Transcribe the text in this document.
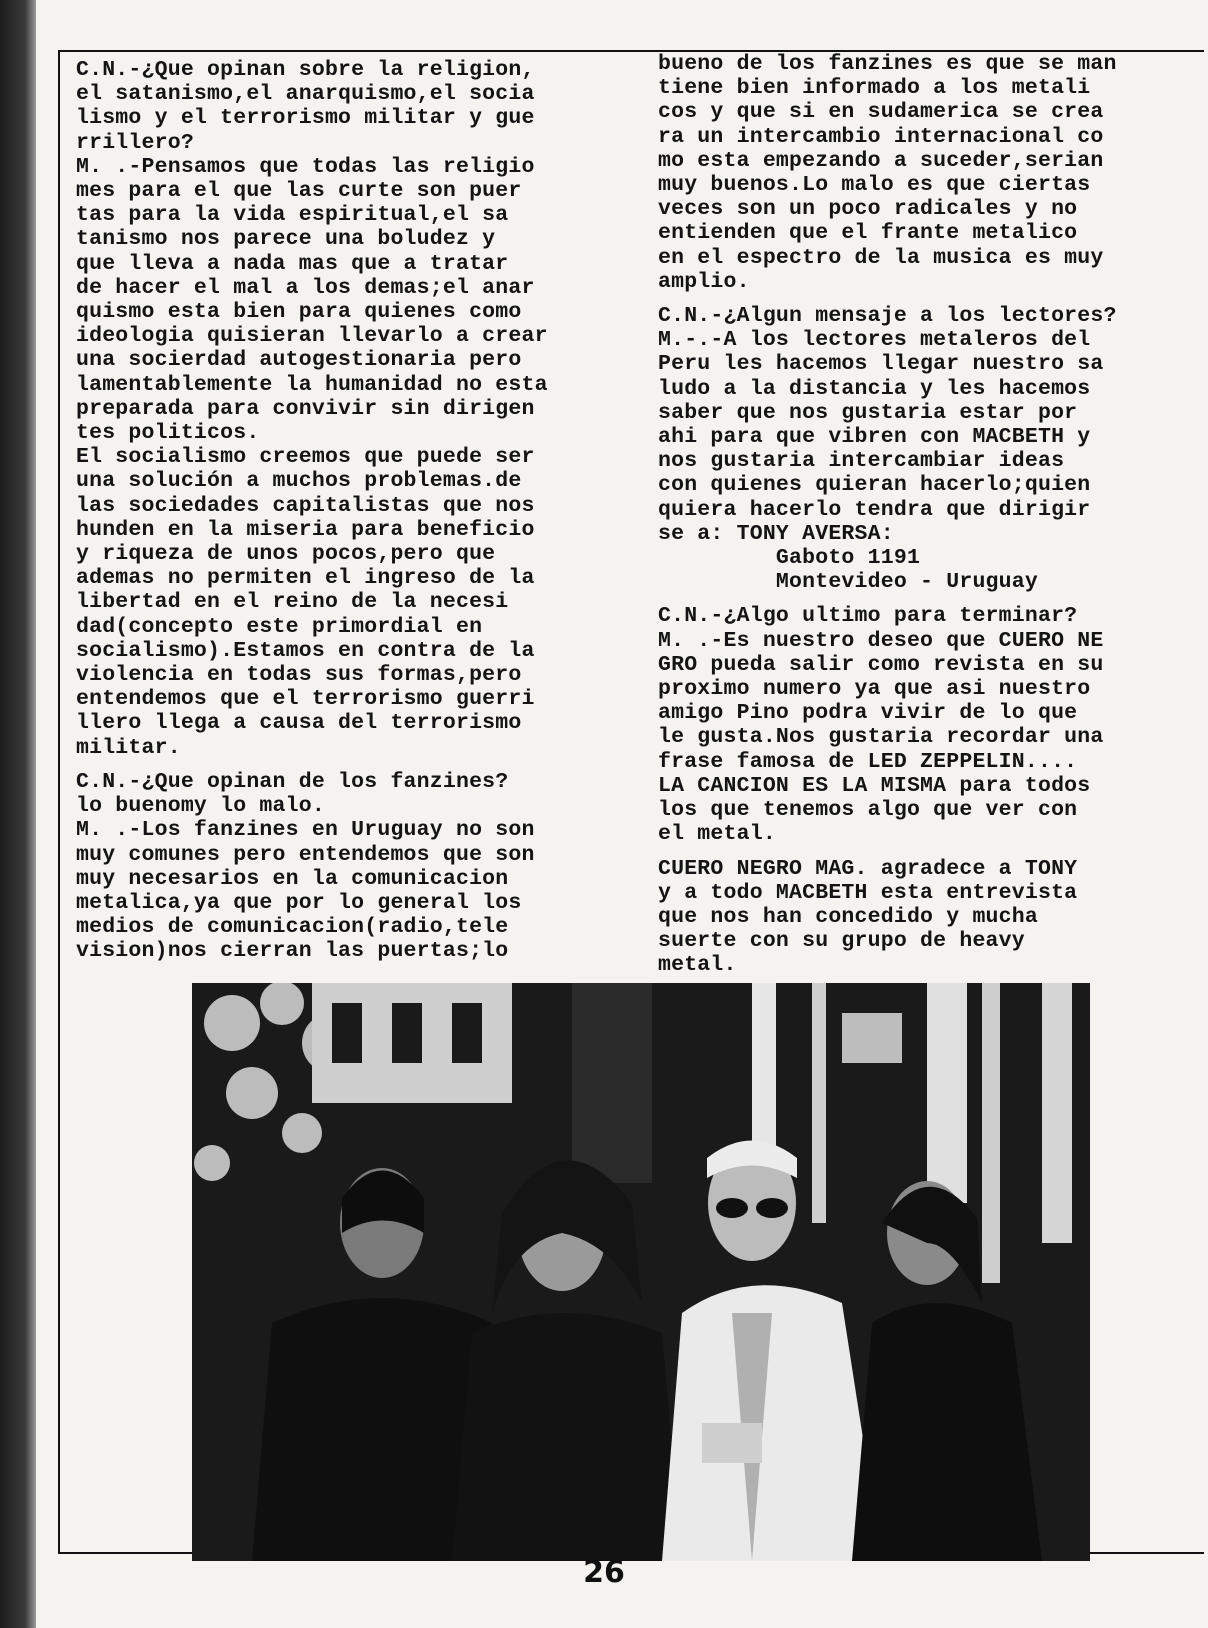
C.N.-¿Que opinan sobre la religion,
el satanismo,el anarquismo,el socia
lismo y el terrorismo militar y gue
rrillero?
M. .-Pensamos que todas las religio
mes para el que las curte son puer
tas para la vida espiritual,el sa
tanismo nos parece una boludez y
que lleva a nada mas que a tratar
de hacer el mal a los demas;el anar
quismo esta bien para quienes como
ideologia quisieran llevarlo a crear
una socierdad autogestionaria pero
lamentablemente la humanidad no esta
preparada para convivir sin dirigen
tes politicos.
El socialismo creemos que puede ser
una solución a muchos problemas.de
las sociedades capitalistas que nos
hunden en la miseria para beneficio
y riqueza de unos pocos,pero que
ademas no permiten el ingreso de la
libertad en el reino de la necesi
dad(concepto este primordial en
socialismo).Estamos en contra de la
violencia en todas sus formas,pero
entendemos que el terrorismo guerri
llero llega a causa del terrorismo
militar.

C.N.-¿Que opinan de los fanzines?
lo buenomy lo malo.
M. .-Los fanzines en Uruguay no son
muy comunes pero entendemos que son
muy necesarios en la comunicacion
metalica,ya que por lo general los
medios de comunicacion(radio,tele
vision)nos cierran las puertas;lo
bueno de los fanzines es que se man
tiene bien informado a los metali
cos y que si en sudamerica se crea
ra un intercambio internacional co
mo esta empezando a suceder,serian
muy buenos.Lo malo es que ciertas
veces son un poco radicales y no
entienden que el frante metalico
en el espectro de la musica es muy
amplio.

C.N.-¿Algun mensaje a los lectores?
M.-.-A los lectores metaleros del
Peru les hacemos llegar nuestro sa
ludo a la distancia y les hacemos
saber que nos gustaria estar por
ahi para que vibren con MACBETH y
nos gustaria intercambiar ideas
con quienes quieran hacerlo;quien
quiera hacerlo tendra que dirigir
se a: TONY AVERSA:
Gaboto 1191
Montevideo - Uruguay

C.N.-¿Algo ultimo para terminar?
M. .-Es nuestro deseo que CUERO NE
GRO pueda salir como revista en su
proximo numero ya que asi nuestro
amigo Pino podra vivir de lo que
le gusta.Nos gustaria recordar una
frase famosa de LED ZEPPELIN....
LA CANCION ES LA MISMA para todos
los que tenemos algo que ver con
el metal.

CUERO NEGRO MAG. agradece a TONY
y a todo MACBETH esta entrevista
que nos han concedido y mucha
suerte con su grupo de heavy
metal.
26
